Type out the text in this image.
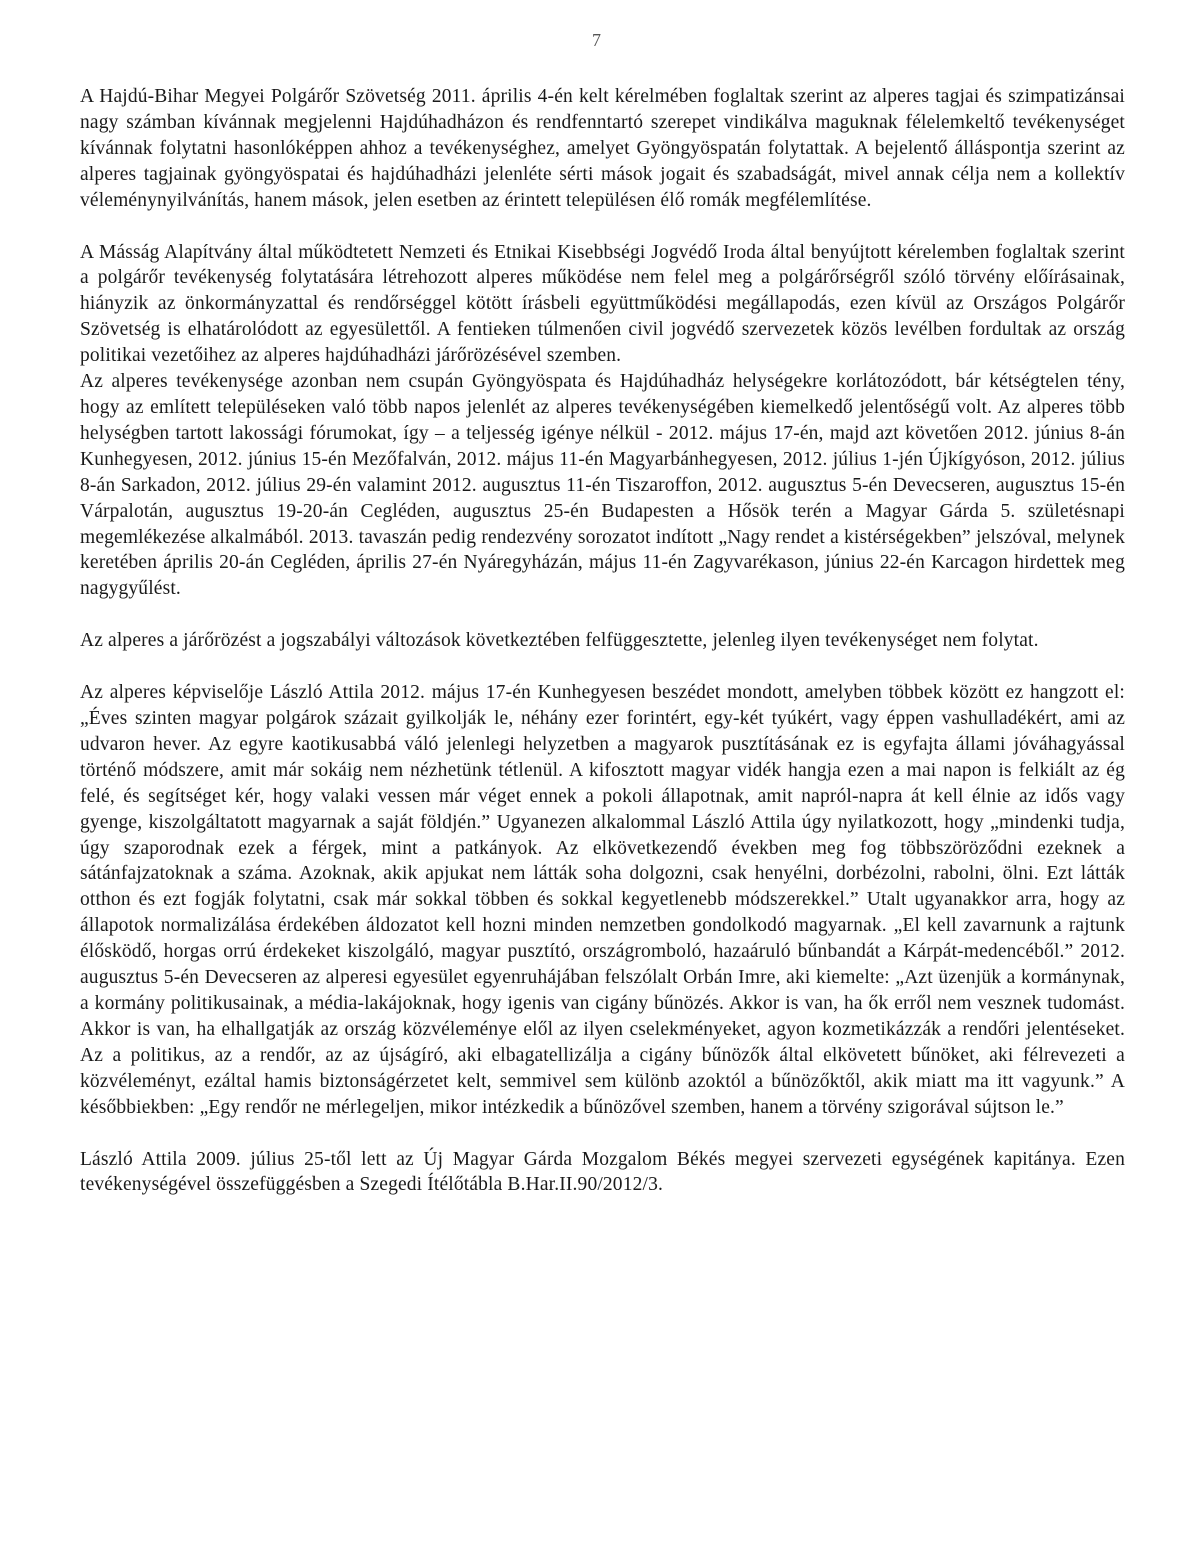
7

A Hajdú-Bihar Megyei Polgárőr Szövetség 2011. április 4-én kelt kérelmében foglaltak szerint az alperes tagjai és szimpatizánsai nagy számban kívánnak megjelenni Hajdúhadházon és rendfenntartó szerepet vindikálva maguknak félelemkeltő tevékenységet kívánnak folytatni hasonlóképpen ahhoz a tevékenységhez, amelyet Gyöngyöspatán folytattak. A bejelentő álláspontja szerint az alperes tagjainak gyöngyöspatai és hajdúhadházi jelenléte sérti mások jogait és szabadságát, mivel annak célja nem a kollektív véleménynyilvánítás, hanem mások, jelen esetben az érintett településen élő romák megfélemlítése.

A Másság Alapítvány által működtetett Nemzeti és Etnikai Kisebbségi Jogvédő Iroda által benyújtott kérelemben foglaltak szerint a polgárőr tevékenység folytatására létrehozott alperes működése nem felel meg a polgárőrségről szóló törvény előírásainak, hiányzik az önkormányzattal és rendőrséggel kötött írásbeli együttműködési megállapodás, ezen kívül az Országos Polgárőr Szövetség is elhatárolódott az egyesülettől. A fentieken túlmenően civil jogvédő szervezetek közös levélben fordultak az ország politikai vezetőihez az alperes hajdúhadházi járőrözésével szemben.

Az alperes tevékenysége azonban nem csupán Gyöngyöspata és Hajdúhadház helységekre korlátozódott, bár kétségtelen tény, hogy az említett településeken való több napos jelenlét az alperes tevékenységében kiemelkedő jelentőségű volt. Az alperes több helységben tartott lakossági fórumokat, így – a teljesség igénye nélkül - 2012. május 17-én, majd azt követően 2012. június 8-án Kunhegyesen, 2012. június 15-én Mezőfalván, 2012. május 11-én Magyarbánhegyesen, 2012. július 1-jén Újkígyóson, 2012. július 8-án Sarkadon, 2012. július 29-én valamint 2012. augusztus 11-én Tiszaroffon, 2012. augusztus 5-én Devecseren, augusztus 15-én Várpalotán, augusztus 19-20-án Cegléden, augusztus 25-én Budapesten a Hősök terén a Magyar Gárda 5. születésnapi megemlékezése alkalmából. 2013. tavaszán pedig rendezvény sorozatot indított „Nagy rendet a kistérségekben” jelszóval, melynek keretében április 20-án Cegléden, április 27-én Nyáregyházán, május 11-én Zagyvarékason, június 22-én Karcagon hirdettek meg nagygyűlést.

Az alperes a járőrözést a jogszabályi változások következtében felfüggesztette, jelenleg ilyen tevékenységet nem folytat.

Az alperes képviselője László Attila 2012. május 17-én Kunhegyesen beszédet mondott, amelyben többek között ez hangzott el: „Éves szinten magyar polgárok százait gyilkolják le, néhány ezer forintért, egy-két tyúkért, vagy éppen vashulladékért, ami az udvaron hever. Az egyre kaotikusabbá váló jelenlegi helyzetben a magyarok pusztításának ez is egyfajta állami jóváhagyással történő módszere, amit már sokáig nem nézhetünk tétlenül. A kifosztott magyar vidék hangja ezen a mai napon is felkiált az ég felé, és segítséget kér, hogy valaki vessen már véget ennek a pokoli állapotnak, amit napról-napra át kell élnie az idős vagy gyenge, kiszolgáltatott magyarnak a saját földjén.” Ugyanezen alkalommal László Attila úgy nyilatkozott, hogy „mindenki tudja, úgy szaporodnak ezek a férgek, mint a patkányok. Az elkövetkezendő években meg fog többszöröződni ezeknek a sátánfajzatoknak a száma. Azoknak, akik apjukat nem látták soha dolgozni, csak henyélni, dorbézolni, rabolni, ölni. Ezt látták otthon és ezt fogják folytatni, csak már sokkal többen és sokkal kegyetlenebb módszerekkel.” Utalt ugyanakkor arra, hogy az állapotok normalizálása érdekében áldozatot kell hozni minden nemzetben gondolkodó magyarnak. „El kell zavarnunk a rajtunk élősködő, horgas orrú érdekeket kiszolgáló, magyar pusztító, országromboló, hazaáruló bűnbandát a Kárpát-medencéből.” 2012. augusztus 5-én Devecseren az alperesi egyesület egyenruhájában felszólalt Orbán Imre, aki kiemelte: „Azt üzenjük a kormánynak, a kormány politikusainak, a média-lakájoknak, hogy igenis van cigány bűnözés. Akkor is van, ha ők erről nem vesznek tudomást. Akkor is van, ha elhallgatják az ország közvéleménye elől az ilyen cselekményeket, agyon kozmetikázzák a rendőri jelentéseket. Az a politikus, az a rendőr, az az újságíró, aki elbagatellizálja a cigány bűnözők által elkövetett bűnöket, aki félrevezeti a közvéleményt, ezáltal hamis biztonságérzetet kelt, semmivel sem különb azoktól a bűnözőktől, akik miatt ma itt vagyunk.” A későbbiekben: „Egy rendőr ne mérlegeljen, mikor intézkedik a bűnözővel szemben, hanem a törvény szigorával sújtson le.”

László Attila 2009. július 25-től lett az Új Magyar Gárda Mozgalom Békés megyei szervezeti egységének kapitánya. Ezen tevékenységével összefüggésben a Szegedi Ítélőtábla B.Har.II.90/2012/3.
